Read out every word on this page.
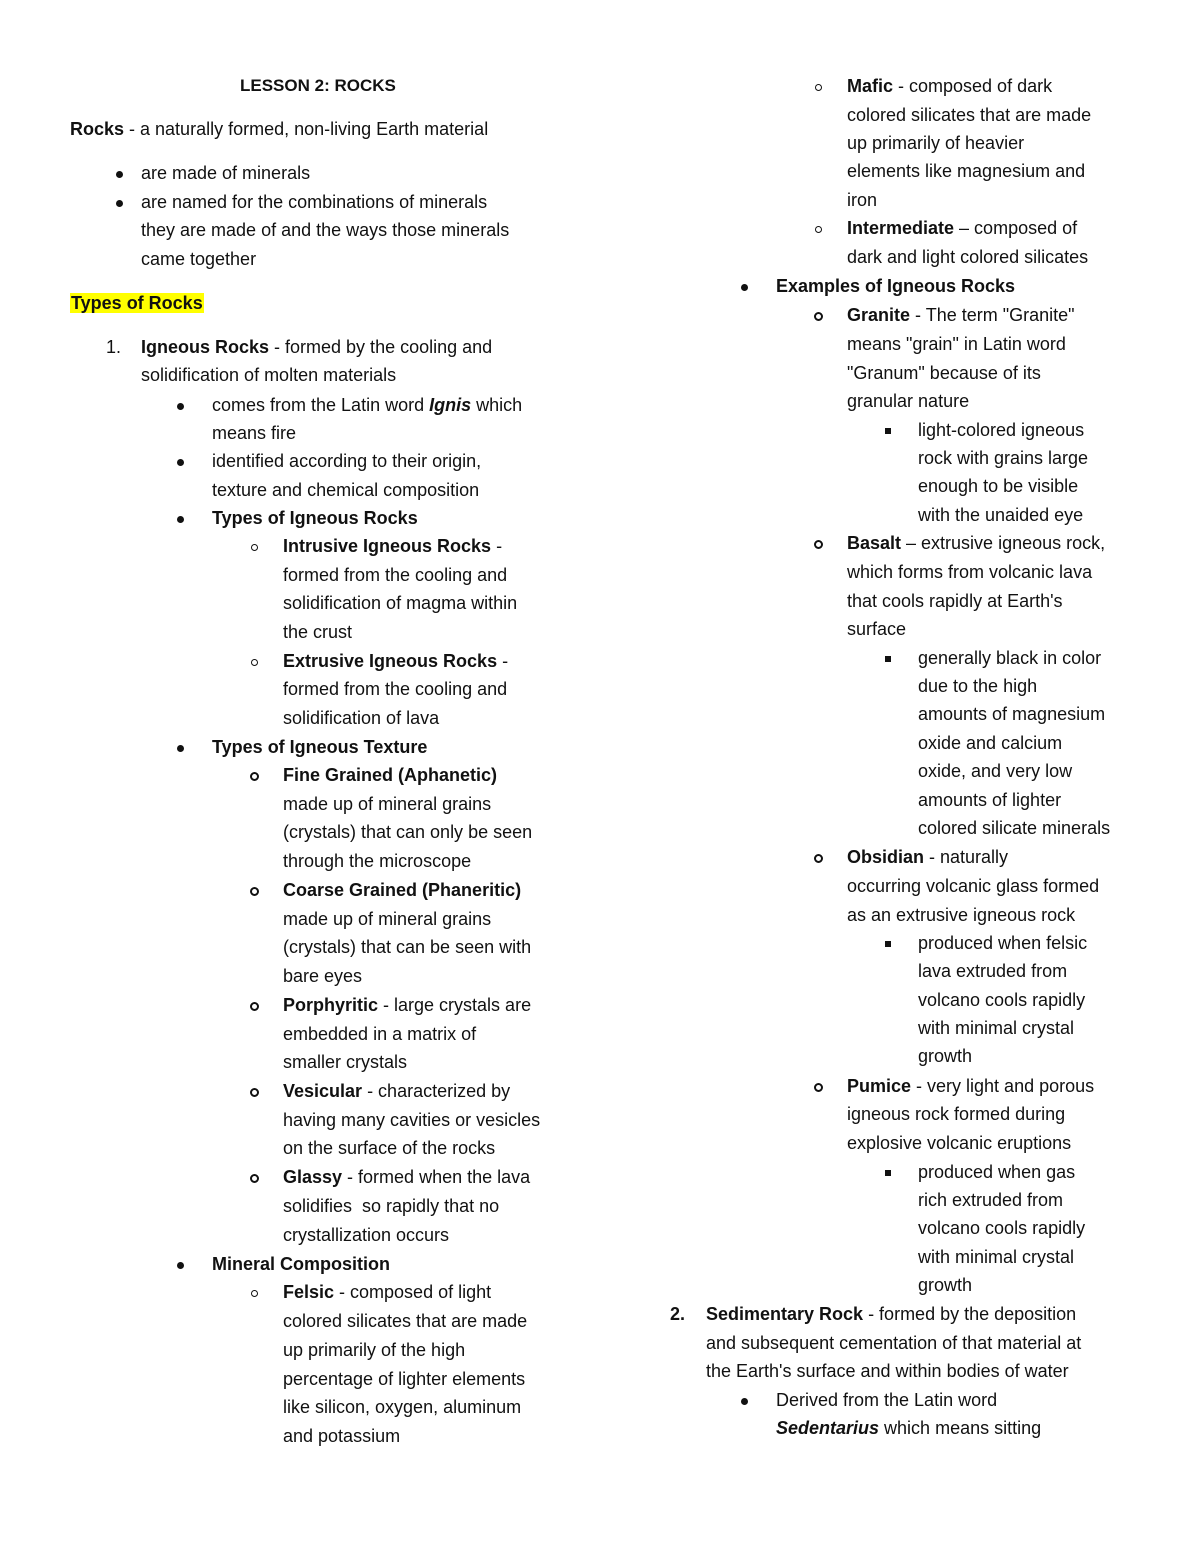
LESSON 2: ROCKS
Rocks - a naturally formed, non-living Earth material
are made of minerals
are named for the combinations of minerals
they are made of and the ways those minerals
came together
Types of Rocks
1. Igneous Rocks - formed by the cooling and
solidification of molten materials
comes from the Latin word Ignis which
means fire
identified according to their origin,
texture and chemical composition
Types of Igneous Rocks
Intrusive Igneous Rocks -
formed from the cooling and
solidification of magma within
the crust
Extrusive Igneous Rocks -
formed from the cooling and
solidification of lava
Types of Igneous Texture
Fine Grained (Aphanetic)
made up of mineral grains
(crystals) that can only be seen
through the microscope
Coarse Grained (Phaneritic)
made up of mineral grains
(crystals) that can be seen with
bare eyes
Porphyritic - large crystals are
embedded in a matrix of
smaller crystals
Vesicular - characterized by
having many cavities or vesicles
on the surface of the rocks
Glassy - formed when the lava
solidifies  so rapidly that no
crystallization occurs
Mineral Composition
Felsic - composed of light
colored silicates that are made
up primarily of the high
percentage of lighter elements
like silicon, oxygen, aluminum
and potassium
Mafic - composed of dark
colored silicates that are made
up primarily of heavier
elements like magnesium and
iron
Intermediate – composed of
dark and light colored silicates
Examples of Igneous Rocks
Granite - The term "Granite"
means "grain" in Latin word
"Granum" because of its
granular nature
light-colored igneous
rock with grains large
enough to be visible
with the unaided eye
Basalt – extrusive igneous rock,
which forms from volcanic lava
that cools rapidly at Earth's
surface
generally black in color
due to the high
amounts of magnesium
oxide and calcium
oxide, and very low
amounts of lighter
colored silicate minerals
Obsidian - naturally
occurring volcanic glass formed
as an extrusive igneous rock
produced when felsic
lava extruded from
volcano cools rapidly
with minimal crystal
growth
Pumice - very light and porous
igneous rock formed during
explosive volcanic eruptions
produced when gas
rich extruded from
volcano cools rapidly
with minimal crystal
growth
2. Sedimentary Rock - formed by the deposition
and subsequent cementation of that material at
the Earth's surface and within bodies of water
Derived from the Latin word
Sedentarius which means sitting
